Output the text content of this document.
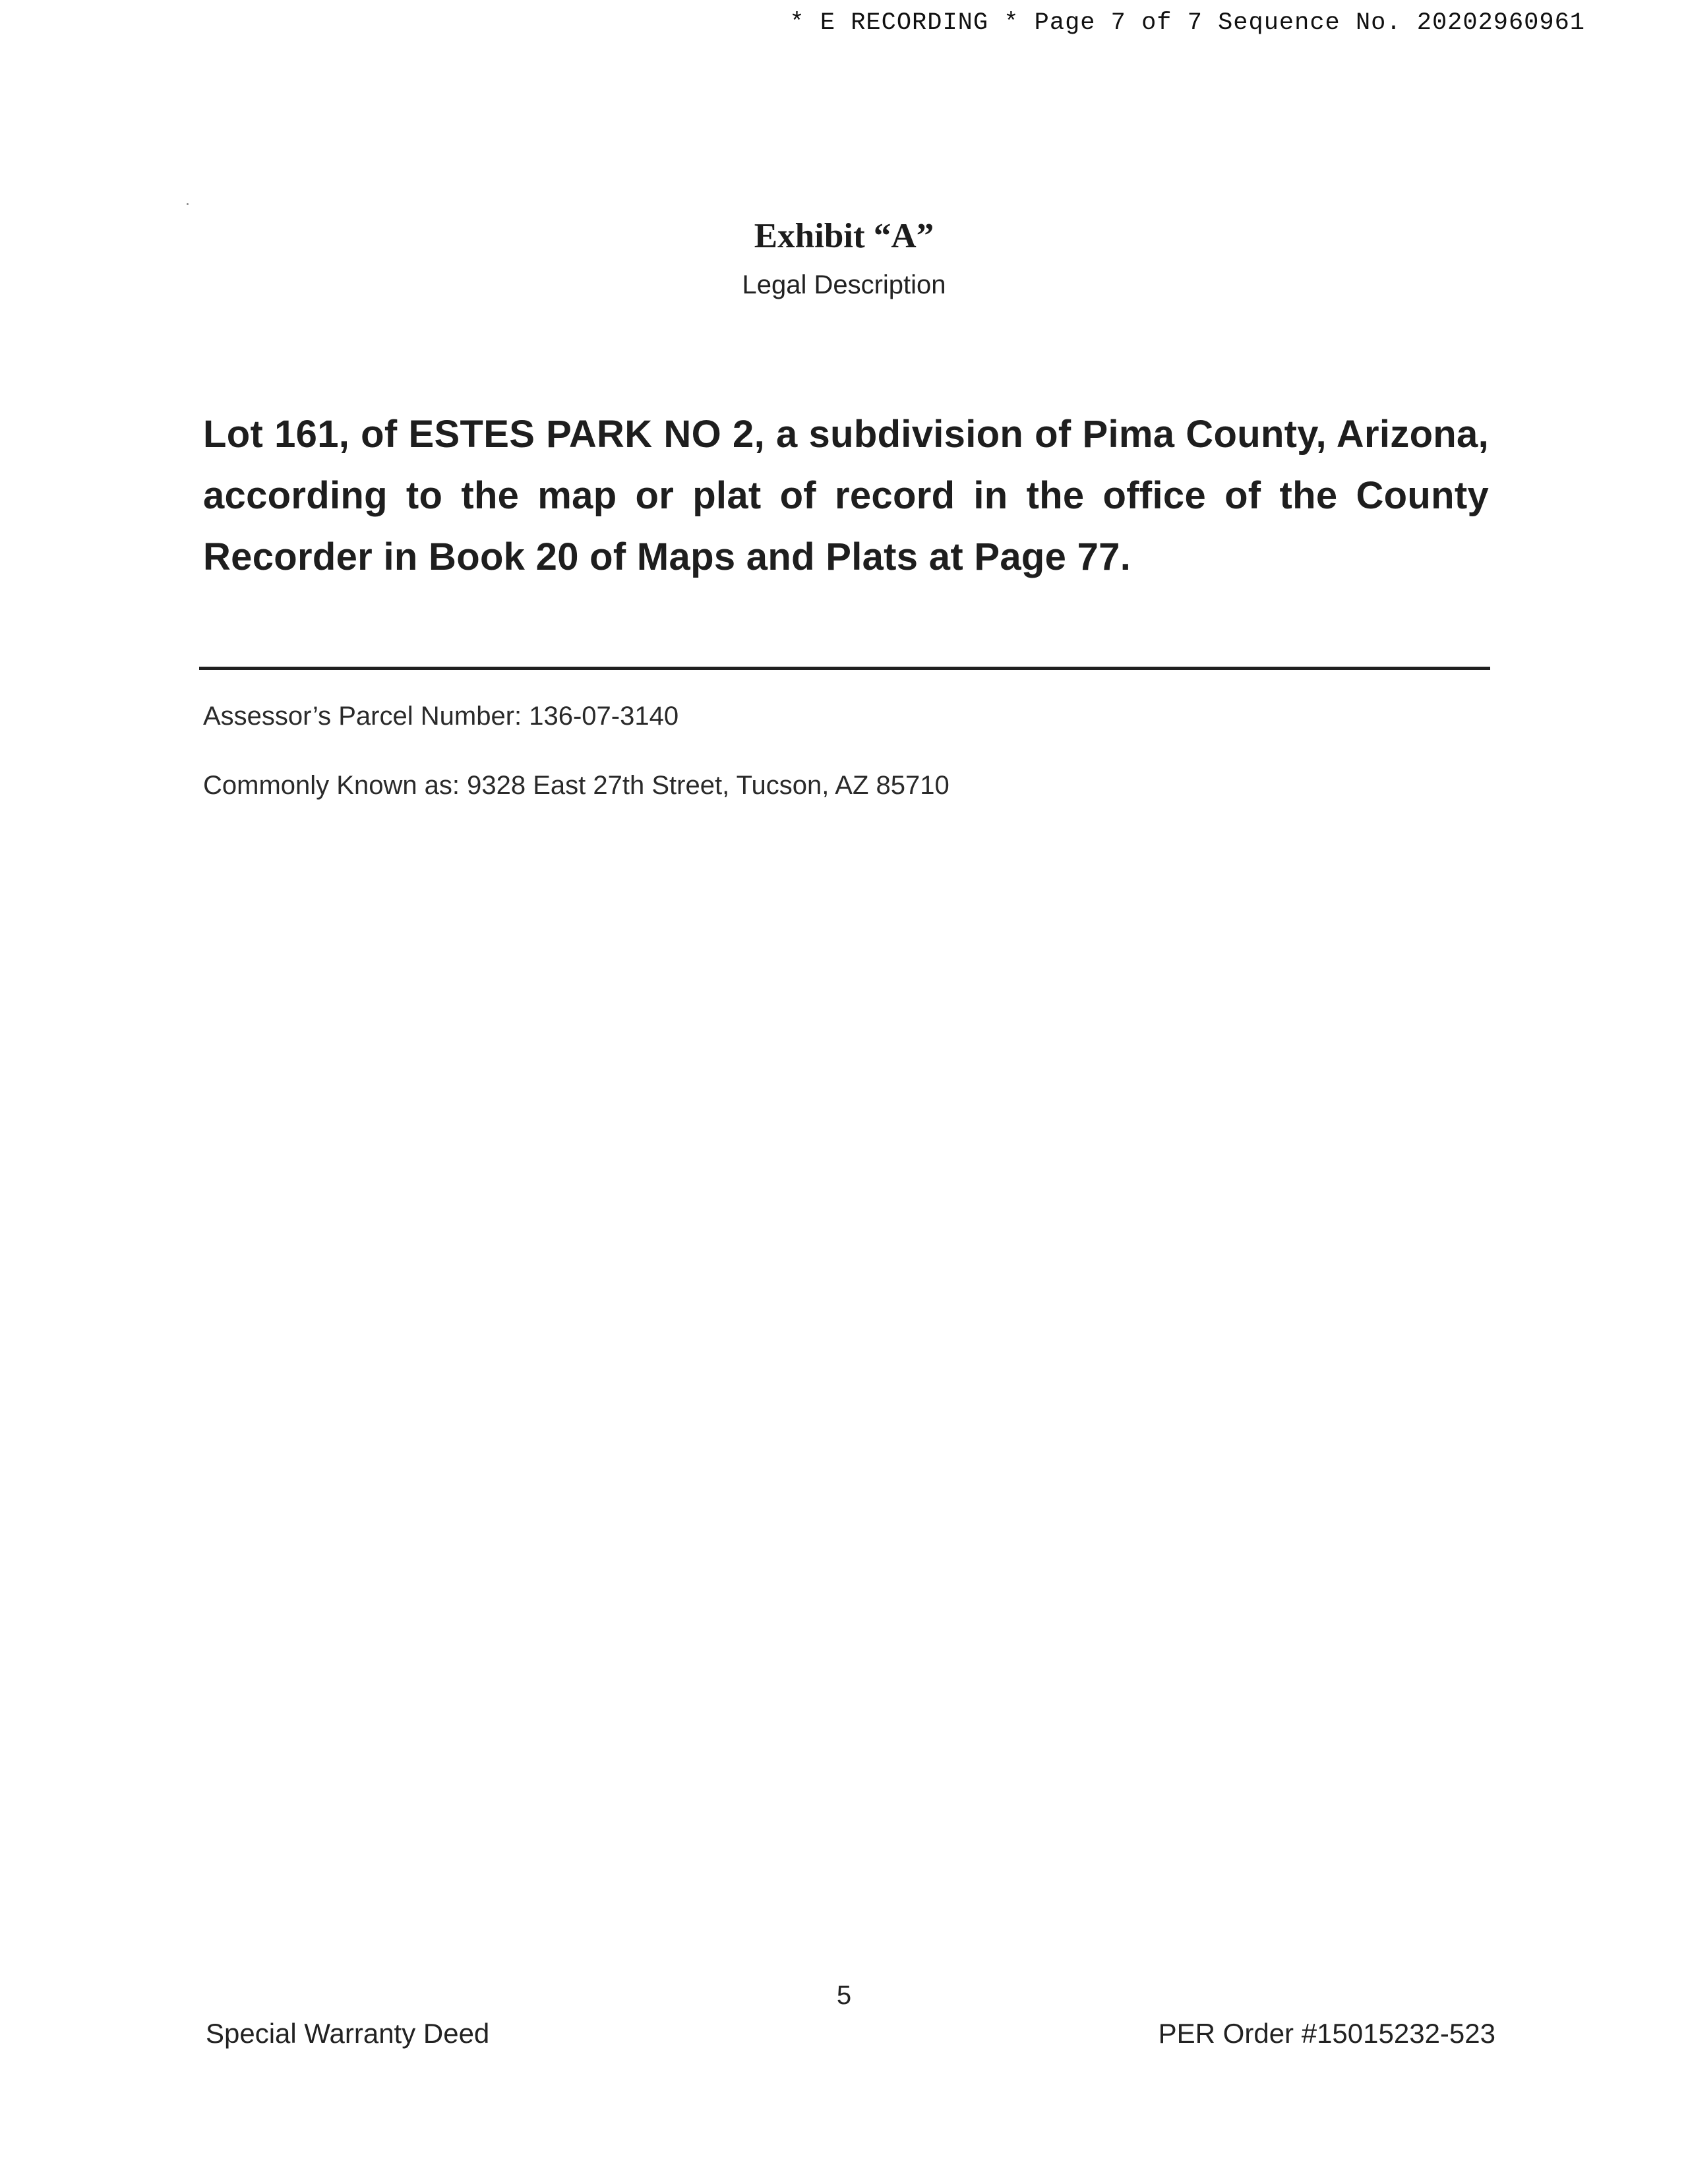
* E RECORDING * Page 7 of 7 Sequence No. 20202960961
Exhibit “A”
Legal Description
Lot 161, of ESTES PARK NO 2, a subdivision of Pima County, Arizona, according to the map or plat of record in the office of the County Recorder in Book 20 of Maps and Plats at Page 77.
Assessor’s Parcel Number: 136-07-3140
Commonly Known as: 9328 East 27th Street, Tucson, AZ 85710
5
Special Warranty Deed	PER Order #15015232-523
